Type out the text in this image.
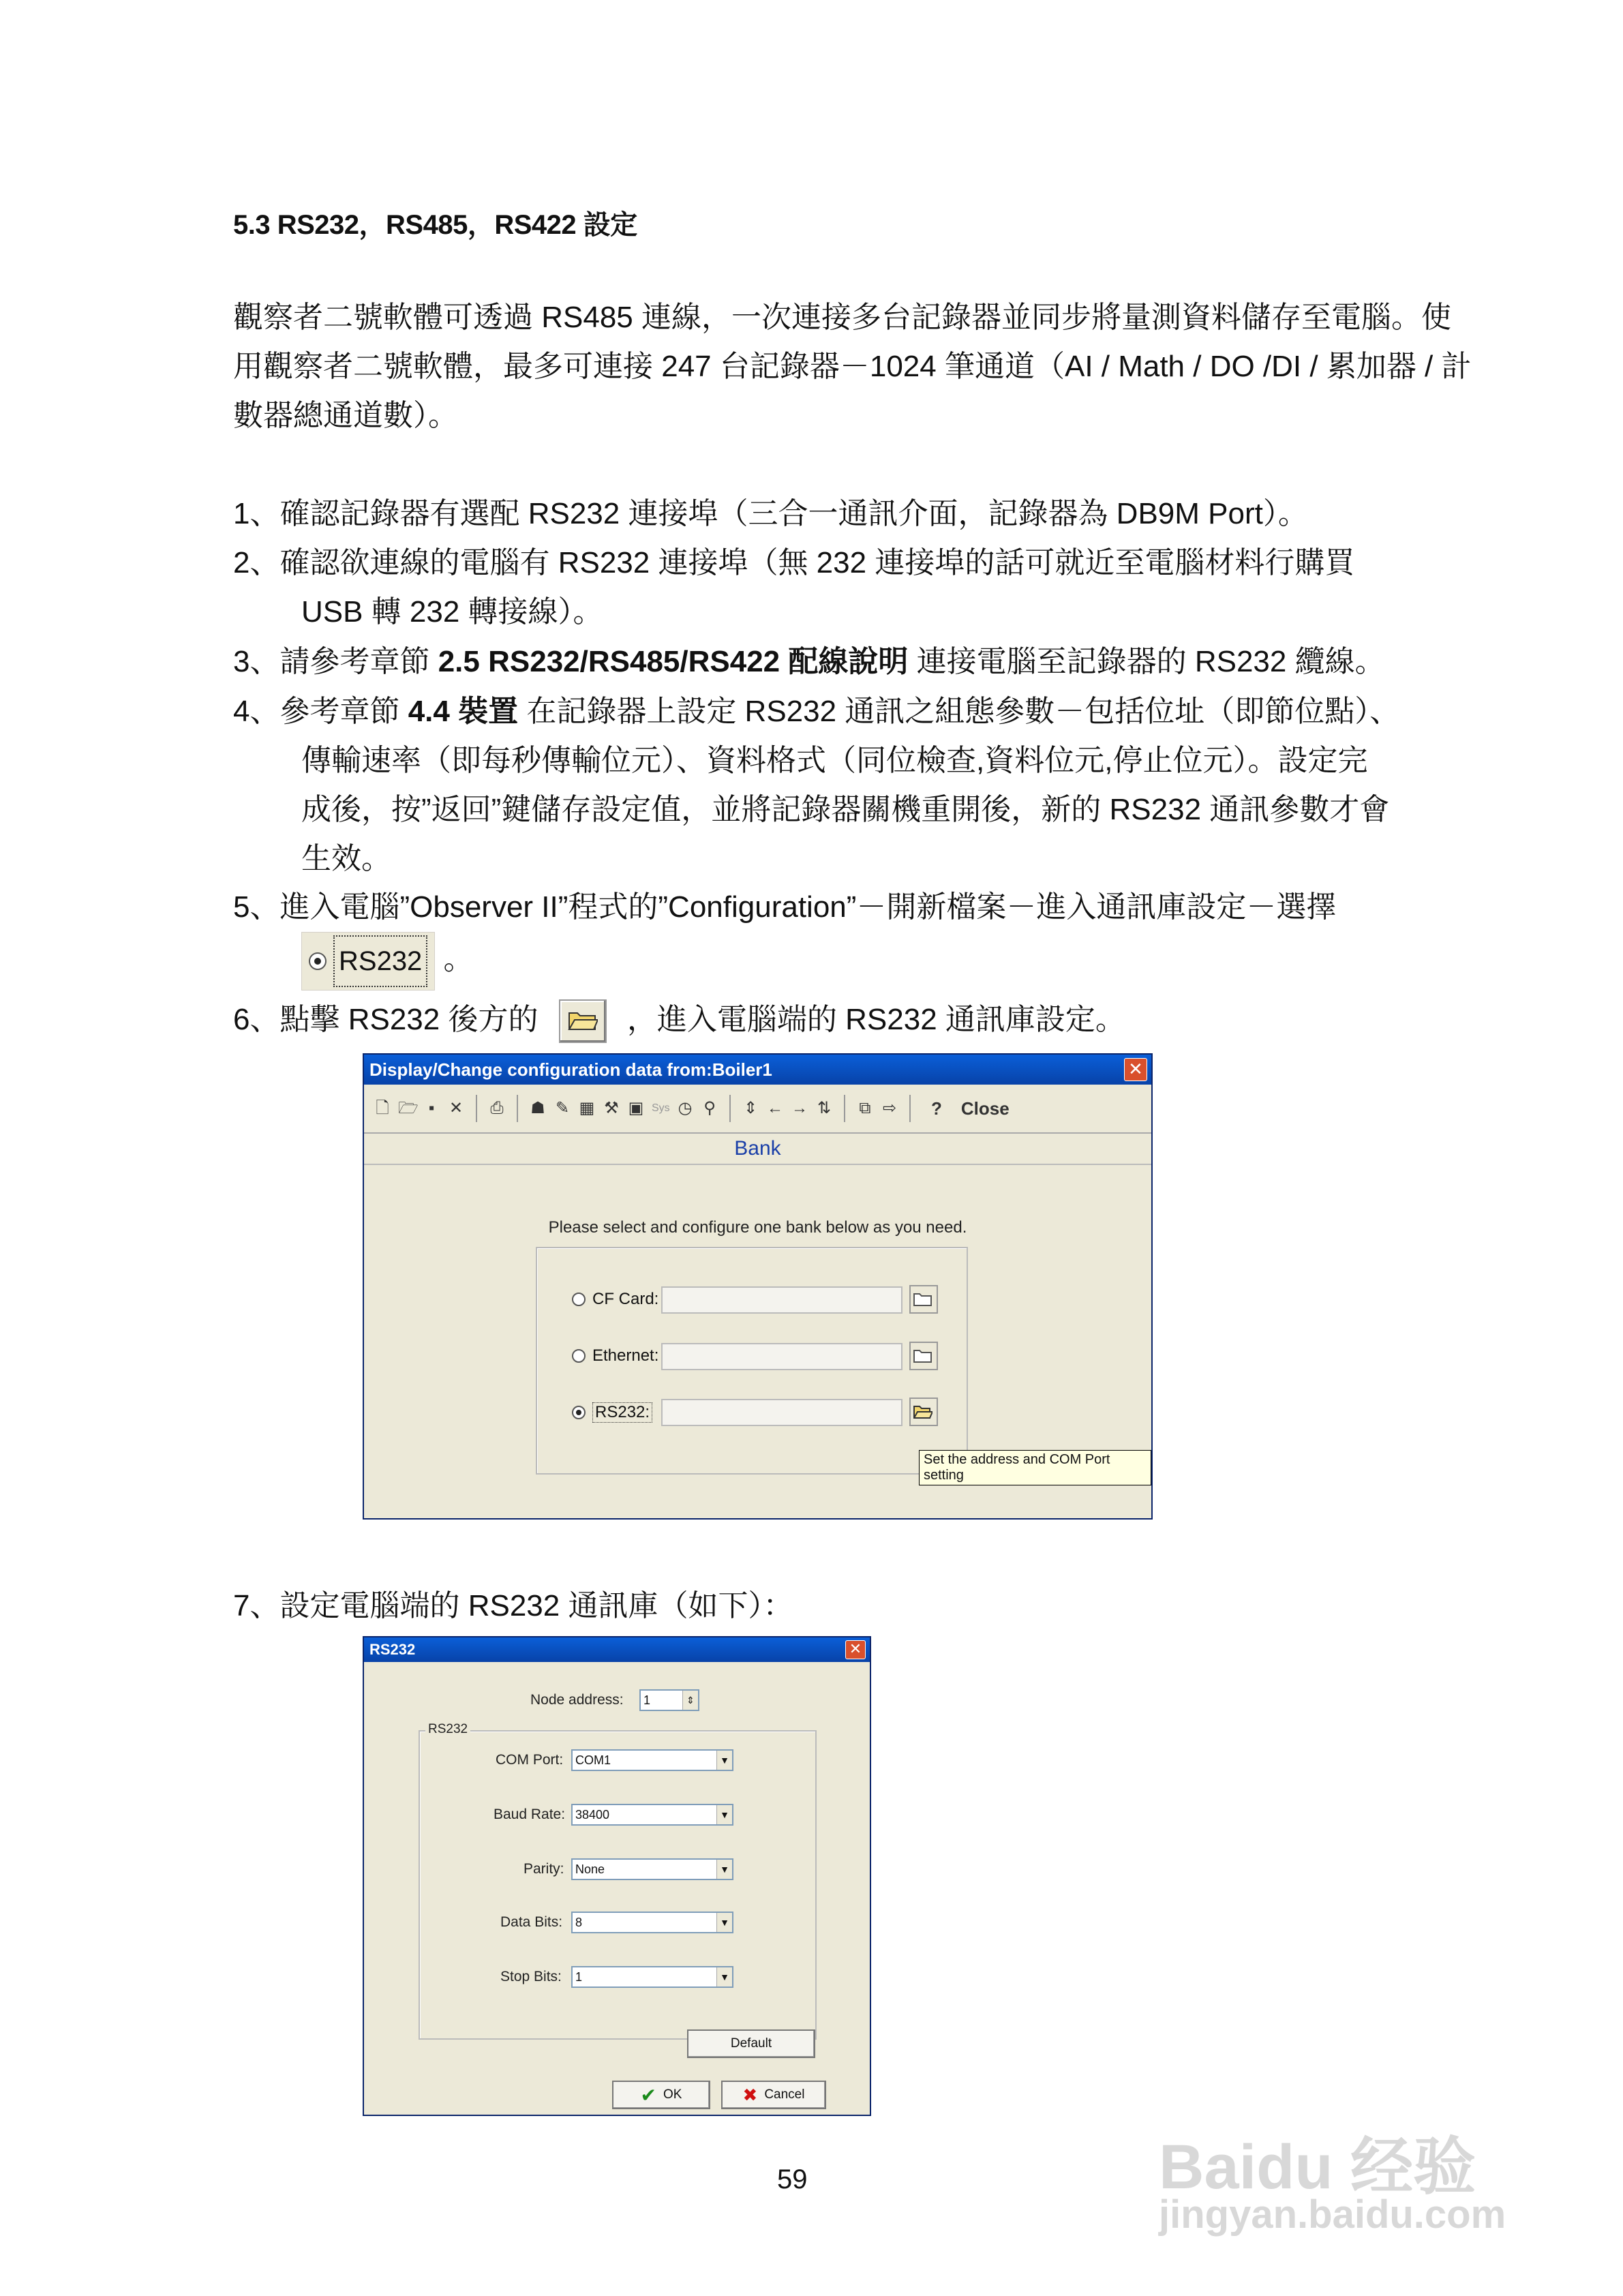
5.3 RS232，RS485，RS422 設定
觀察者二號軟體可透過 RS485 連線，一次連接多台記錄器並同步將量測資料儲存至電腦。使用觀察者二號軟體，最多可連接 247 台記錄器－1024 筆通道（AI / Math / DO /DI / 累加器 / 計數器總通道數）。
1、確認記錄器有選配 RS232 連接埠（三合一通訊介面，記錄器為 DB9M Port）。
2、確認欲連線的電腦有 RS232 連接埠（無 232 連接埠的話可就近至電腦材料行購買
USB 轉 232 轉接線）。
3、請參考章節 2.5 RS232/RS485/RS422 配線說明 連接電腦至記錄器的 RS232 纜線。
4、參考章節 4.4 裝置 在記錄器上設定 RS232 通訊之組態參數－包括位址（即節位點）、
傳輸速率（即每秒傳輸位元）、資料格式（同位檢查,資料位元,停止位元）。設定完
成後，按”返回”鍵儲存設定值，並將記錄器關機重開後，新的 RS232 通訊參數才會
生效。
5、進入電腦”Observer II”程式的”Configuration”－開新檔案－進入通訊庫設定－選擇
RS232 。
6、點擊 RS232 後方的	，進入電腦端的 RS232 通訊庫設定。
Display/Change configuration data from:Boiler1	✕
🗋 🗁 ▪ ✕ ⎙ ☗ ✎ ▦ ⚒ ▣ Sys ◷ ⚲ ⇕ ← → ⇅ ⧉ ⇨ ? Close
Bank
Please select and configure one bank below as you need.
CF Card:
Ethernet:
RS232:
Set the address and COM Port setting
7、設定電腦端的 RS232 通訊庫（如下）：
RS232	✕
Node address:	1	⇕
RS232
COM Port: COM1	▼
Baud Rate: 38400	▼
Parity: None	▼
Data Bits:	8	▼
Stop Bits:	1	▼
Default
✔ OK	✖ Cancel
59	Baidu 经验
jingyan.baidu.com
